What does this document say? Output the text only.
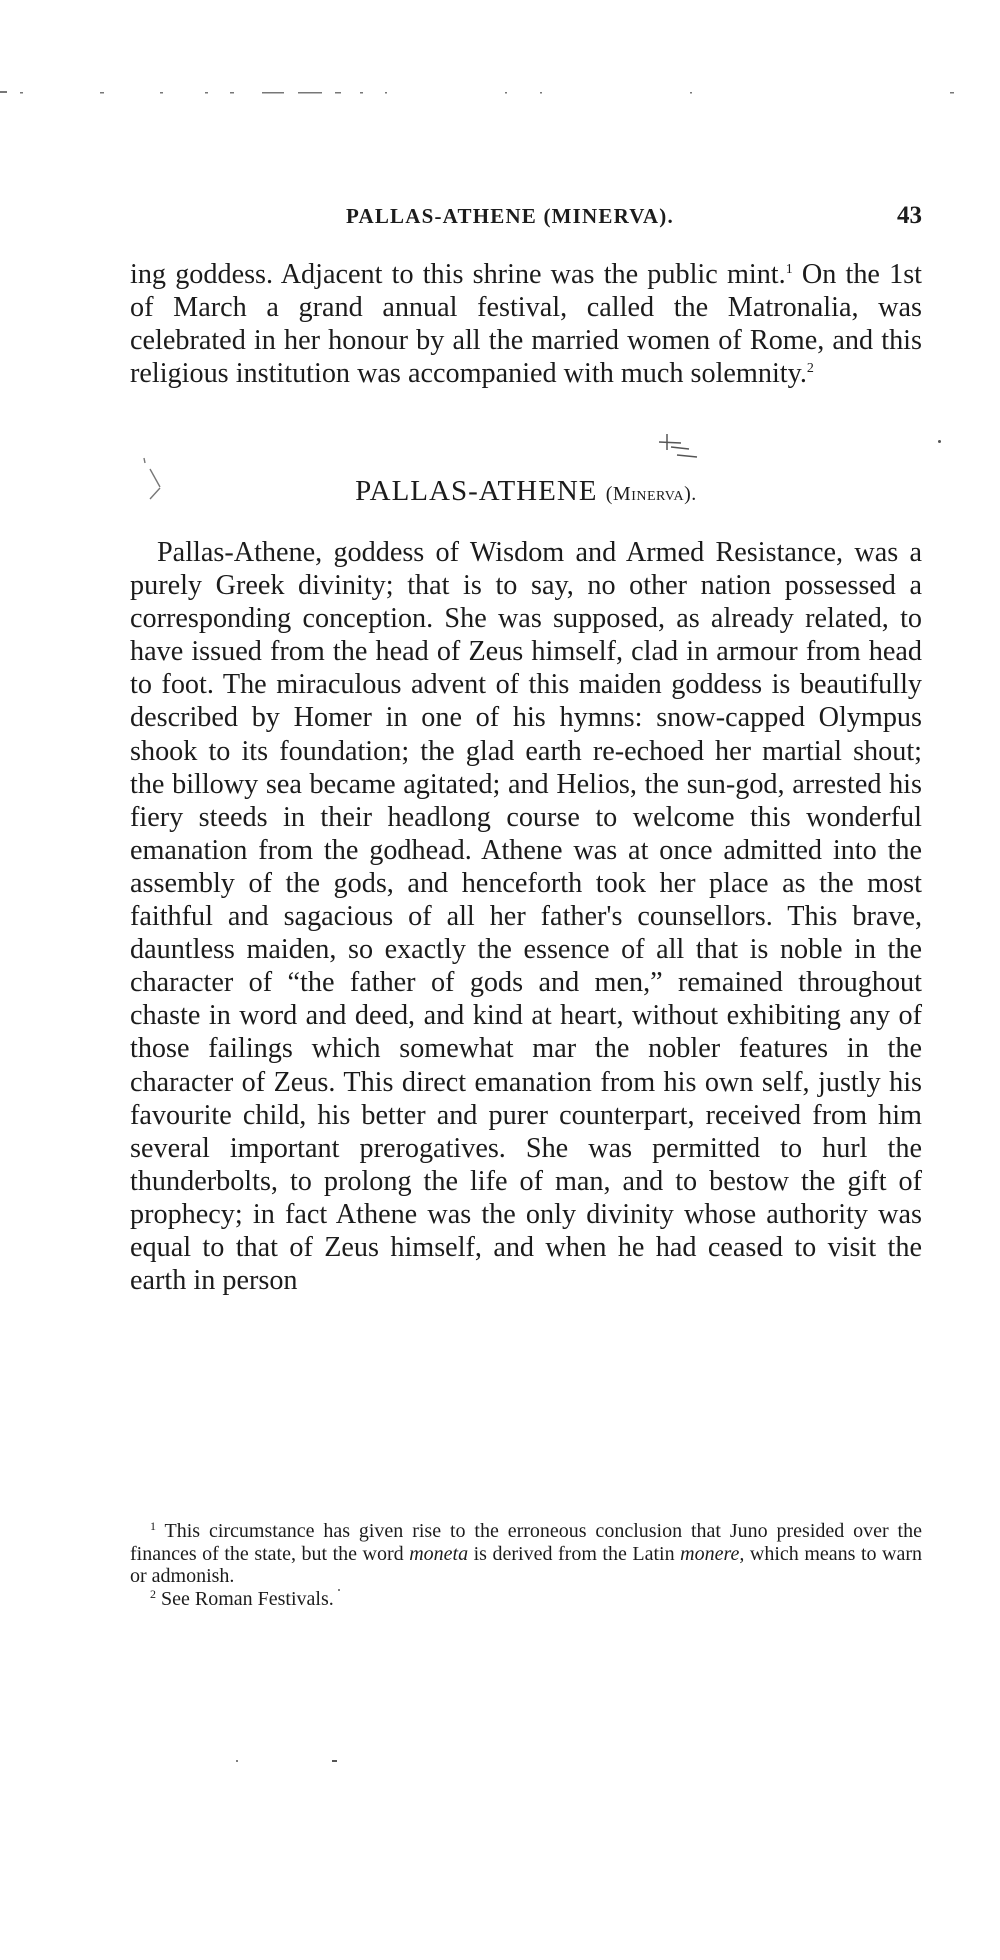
PALLAS-ATHENE (MINERVA).	43

ing goddess. Adjacent to this shrine was the public mint.$^1$ On the 1st of March a grand annual festival, called the Matronalia, was celebrated in her honour by all the married women of Rome, and this religious institution was accompanied with much solemnity.$^2$

PALLAS-ATHENE (Minerva).

Pallas-Athene, goddess of Wisdom and Armed Resistance, was a purely Greek divinity; that is to say, no other nation possessed a corresponding conception. She was supposed, as already related, to have issued from the head of Zeus himself, clad in armour from head to foot. The miraculous advent of this maiden goddess is beautifully described by Homer in one of his hymns: snow-capped Olympus shook to its foundation; the glad earth re-echoed her martial shout; the billowy sea became agitated; and Helios, the sun-god, arrested his fiery steeds in their headlong course to welcome this wonderful emanation from the godhead. Athene was at once admitted into the assembly of the gods, and henceforth took her place as the most faithful and sagacious of all her father's counsellors. This brave, dauntless maiden, so exactly the essence of all that is noble in the character of “the father of gods and men,” remained throughout chaste in word and deed, and kind at heart, without exhibiting any of those failings which somewhat mar the nobler features in the character of Zeus. This direct emanation from his own self, justly his favourite child, his better and purer counterpart, received from him several important prerogatives. She was permitted to hurl the thunderbolts, to prolong the life of man, and to bestow the gift of prophecy; in fact Athene was the only divinity whose authority was equal to that of Zeus himself, and when he had ceased to visit the earth in person

$^1$ This circumstance has given rise to the erroneous conclusion that Juno presided over the finances of the state, but the word moneta is derived from the Latin monere, which means to warn or admonish.

$^2$ See Roman Festivals.
